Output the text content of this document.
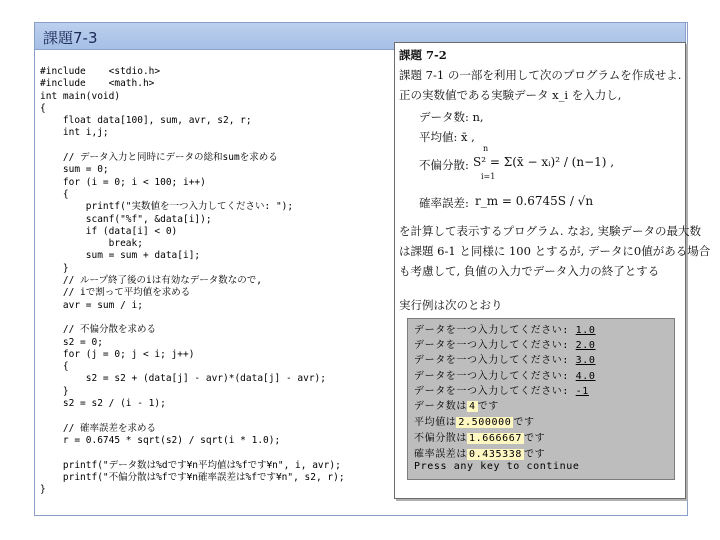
課題7-3
#include    <stdio.h>
#include    <math.h>
int main(void)
{
float data[100], sum, avr, s2, r;
int i,j;
// データ入力と同時にデータの総和sumを求める
sum = 0;
for (i = 0; i < 100; i++)
{
printf("実数値を一つ入力してください: ");
scanf("%f", &data[i]);
if (data[i] < 0)
break;
sum = sum + data[i];
}
// ループ終了後のiは有効なデータ数なので,
// iで割って平均値を求める
avr = sum / i;
// 不偏分散を求める
s2 = 0;
for (j = 0; j < i; j++)
{
s2 = s2 + (data[j] - avr)*(data[j] - avr);
}
s2 = s2 / (i - 1);
// 確率誤差を求める
r = 0.6745 * sqrt(s2) / sqrt(i * 1.0);
printf("データ数は%dです¥n平均値は%fです¥n", i, avr);
printf("不偏分散は%fです¥n確率誤差は%fです¥n", s2, r);
}
課題 7-2
課題 7-1 の一部を利用して次のプログラムを作成せよ.
正の実数値である実験データ x_i を入力し,
データ数: n,
平均値: x̄ ,
不偏分散:
n
i=1
S² = Σ(x̄ − xᵢ)² / (n−1) ,
確率誤差: r_m = 0.6745S / √n
を計算して表示するプログラム. なお, 実験データの最大数
は課題 6-1 と同様に 100 とするが, データに0値がある場合
も考慮して, 負値の入力でデータ入力の終了とする
実行例は次のとおり
データを一つ入力してください: 1.0
データを一つ入力してください: 2.0
データを一つ入力してください: 3.0
データを一つ入力してください: 4.0
データを一つ入力してください: -1
データ数は 4 です
平均値は 2.500000 です
不偏分散は 1.666667 です
確率誤差は 0.435338 です
Press any key to continue
